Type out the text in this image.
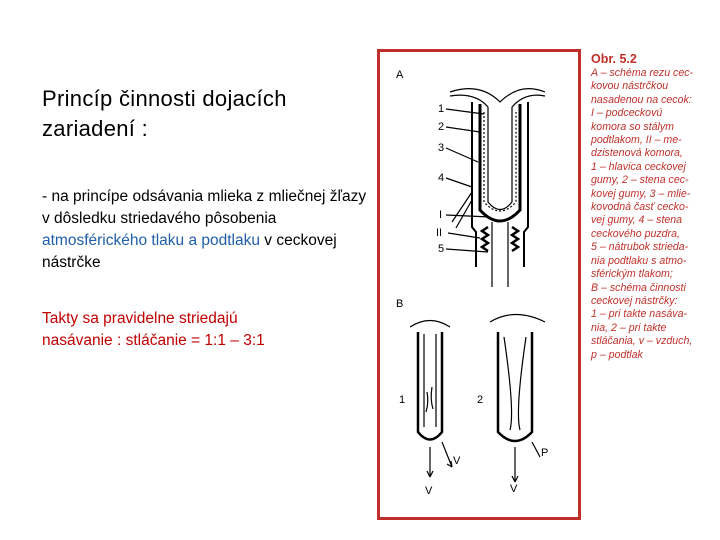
Princíp činnosti dojacích
zariadení :
- na princípe odsávania mlieka z mliečnej žľazy v dôsledku striedavého pôsobenia atmosférického tlaku a podtlaku v ceckovej nástrčke
Takty sa pravidelne striedajú
nasávanie : stláčanie = 1:1 – 3:1
A
1
2
3
4
I
II
5
B
1	2
V
V
V
P
Obr. 5.2
A – schéma rezu cec-
kovou nástrčkou
nasadenou na cecok:
I – podceckovú
komora so stálym
podtlakom, II – me-
dzistenová komora,
1 – hlavica ceckovej
gumy, 2 – stena cec-
kovej gumy, 3 – mlie-
kovodná časť cecko-
vej gumy, 4 – stena
ceckového puzdra,
5 – nátrubok strieda-
nia podtlaku s atmo-
sférickým tlakom;
B – schéma činnosti
ceckovej nástrčky:
1 – pri takte nasáva-
nia, 2 – pri takte
stláčania, v – vzduch,
p – podtlak
